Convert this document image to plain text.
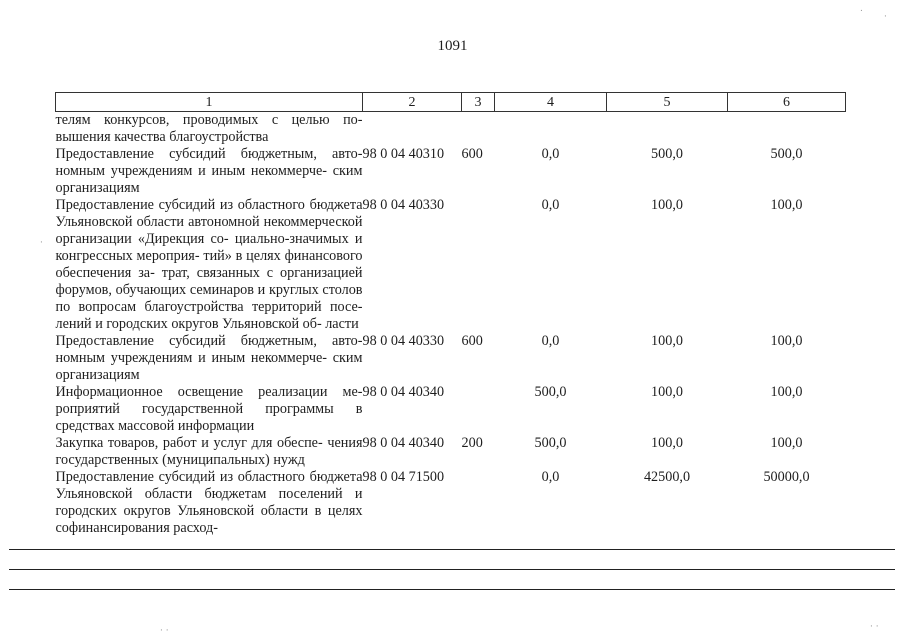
1091
1	2	3	4	5	6
телям конкурсов, проводимых с целью по- вышения качества благоустройства					
Предоставление субсидий бюджетным, авто- номным учреждениям и иным некоммерче- ским организациям	98 0 04 40310	600	0,0	500,0	500,0
Предоставление субсидий из областного бюджета Ульяновской области автономной некоммерческой организации «Дирекция со- циально-значимых и конгрессных мероприя- тий» в целях финансового обеспечения за- трат, связанных с организацией форумов, обучающих семинаров и круглых столов по вопросам благоустройства территорий посе- лений и городских округов Ульяновской об- ласти	98 0 04 40330		0,0	100,0	100,0
Предоставление субсидий бюджетным, авто- номным учреждениям и иным некоммерче- ским организациям	98 0 04 40330	600	0,0	100,0	100,0
Информационное освещение реализации ме- роприятий государственной программы в средствах массовой информации	98 0 04 40340		500,0	100,0	100,0
Закупка товаров, работ и услуг для обеспе- чения государственных (муниципальных) нужд	98 0 04 40340	200	500,0	100,0	100,0
Предоставление субсидий из областного бюджета Ульяновской области бюджетам поселений и городских округов Ульяновской области в целях софинансирования расход-	98 0 04 71500		0,0	42500,0	50000,0
.
·
·
· ·	· ·
